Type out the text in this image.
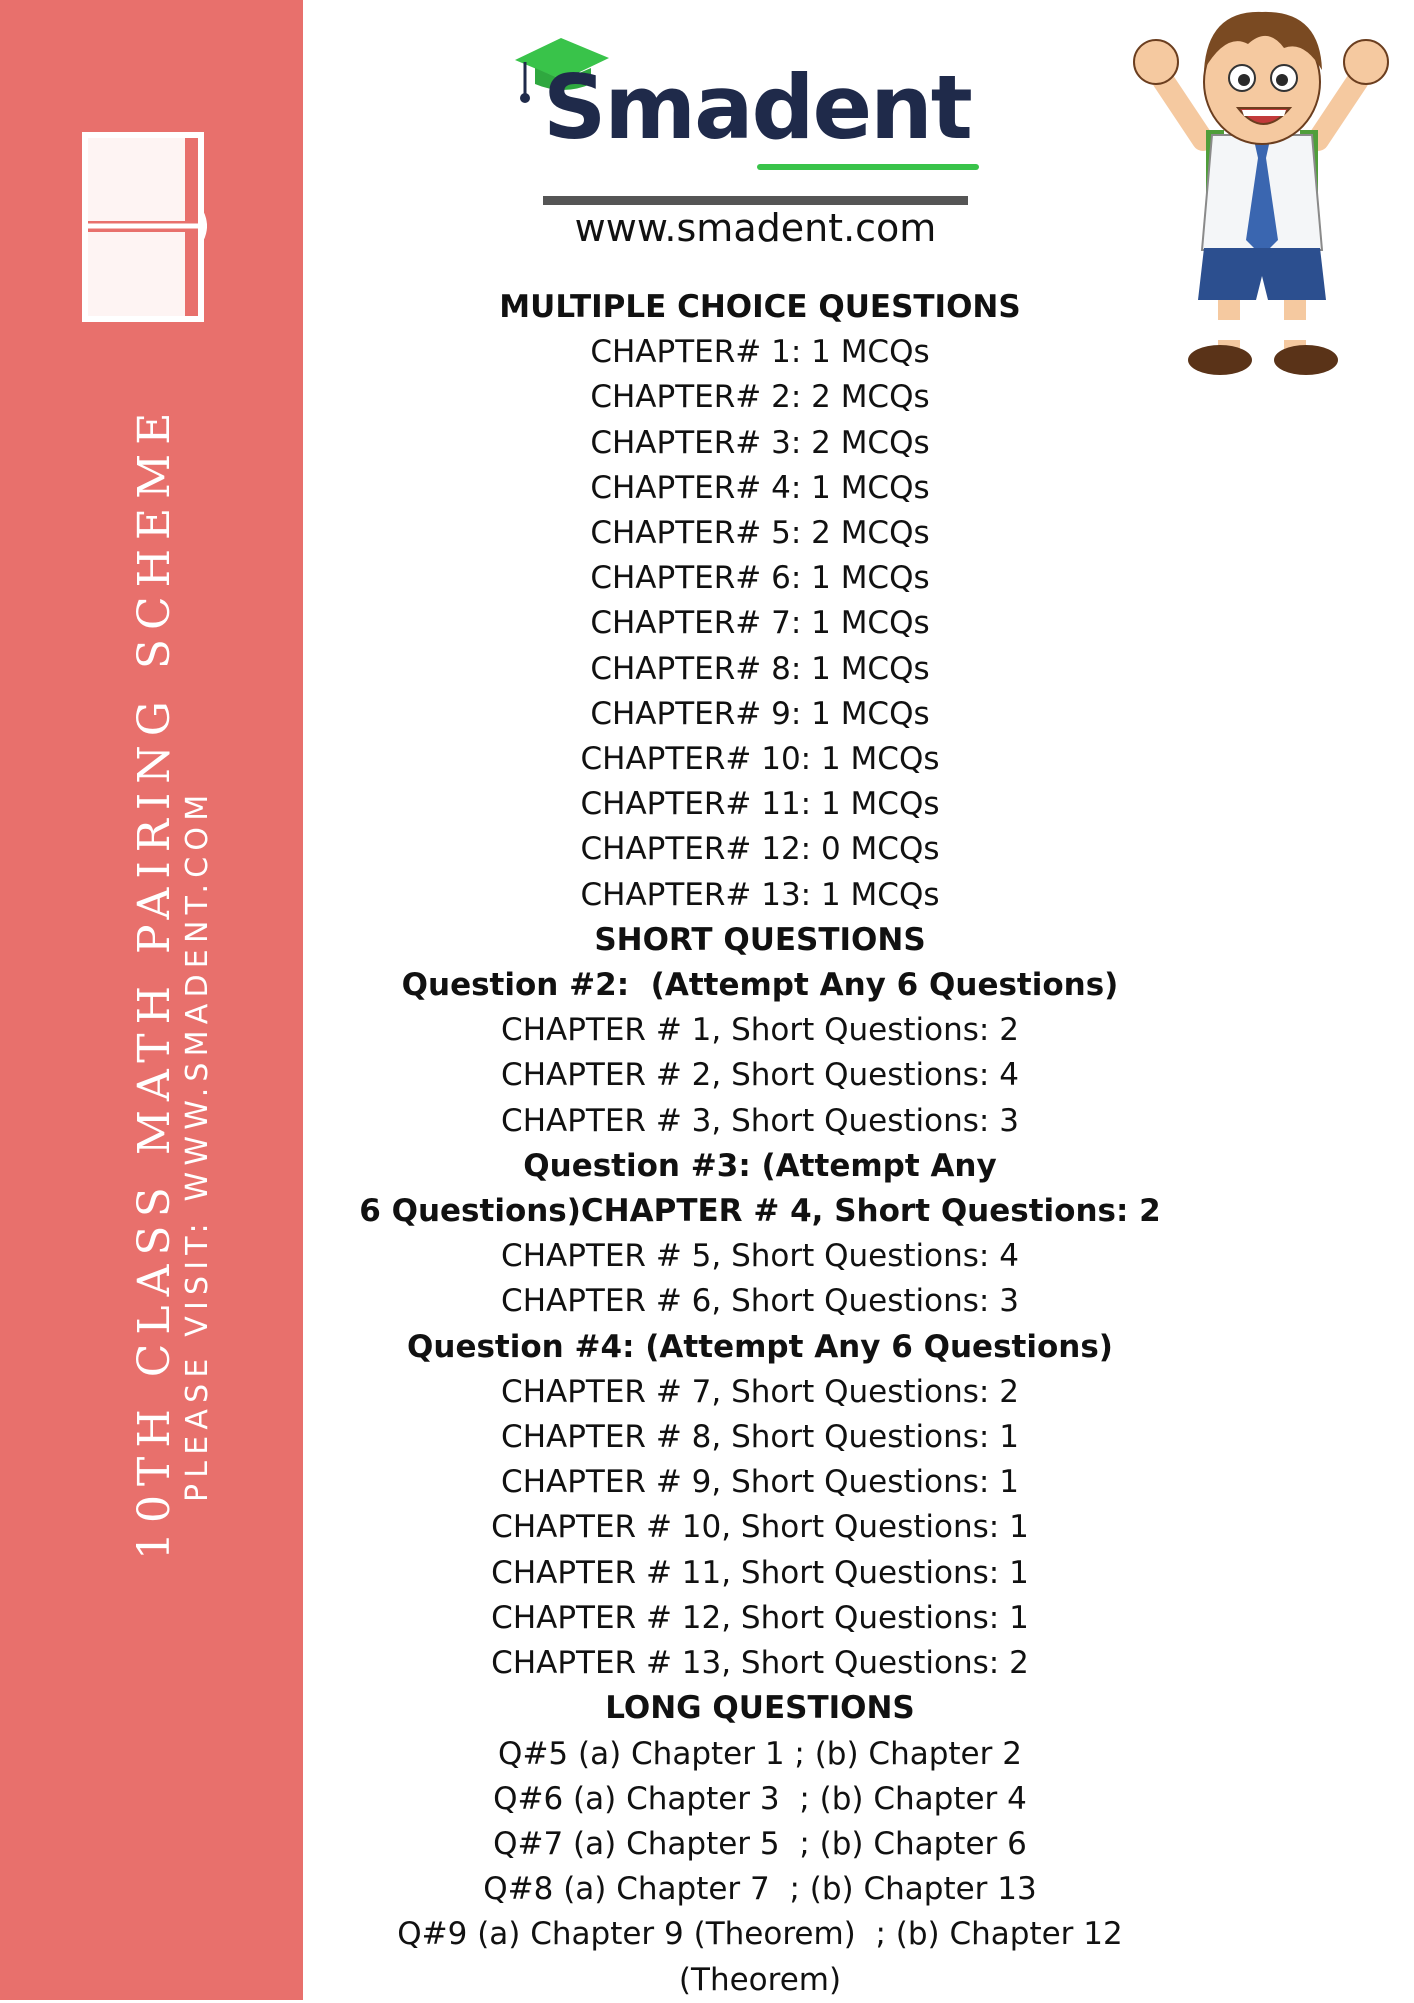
10TH CLASS MATH PAIRING SCHEME PLEASE VISIT: WWW.SMADENT.COM
Smadent
www.smadent.com
MULTIPLE CHOICE QUESTIONS
CHAPTER# 1: 1 MCQs
CHAPTER# 2: 2 MCQs
CHAPTER# 3: 2 MCQs
CHAPTER# 4: 1 MCQs
CHAPTER# 5: 2 MCQs
CHAPTER# 6: 1 MCQs
CHAPTER# 7: 1 MCQs
CHAPTER# 8: 1 MCQs
CHAPTER# 9: 1 MCQs
CHAPTER# 10: 1 MCQs
CHAPTER# 11: 1 MCQs
CHAPTER# 12: 0 MCQs
CHAPTER# 13: 1 MCQs
SHORT QUESTIONS
Question #2:  (Attempt Any 6 Questions)
CHAPTER # 1, Short Questions: 2
CHAPTER # 2, Short Questions: 4
CHAPTER # 3, Short Questions: 3
Question #3: (Attempt Any
6 Questions)CHAPTER # 4, Short Questions: 2
CHAPTER # 5, Short Questions: 4
CHAPTER # 6, Short Questions: 3
Question #4: (Attempt Any 6 Questions)
CHAPTER # 7, Short Questions: 2
CHAPTER # 8, Short Questions: 1
CHAPTER # 9, Short Questions: 1
CHAPTER # 10, Short Questions: 1
CHAPTER # 11, Short Questions: 1
CHAPTER # 12, Short Questions: 1
CHAPTER # 13, Short Questions: 2
LONG QUESTIONS
Q#5 (a) Chapter 1 ; (b) Chapter 2
Q#6 (a) Chapter 3  ; (b) Chapter 4
Q#7 (a) Chapter 5  ; (b) Chapter 6
Q#8 (a) Chapter 7  ; (b) Chapter 13
Q#9 (a) Chapter 9 (Theorem)  ; (b) Chapter 12
(Theorem)
